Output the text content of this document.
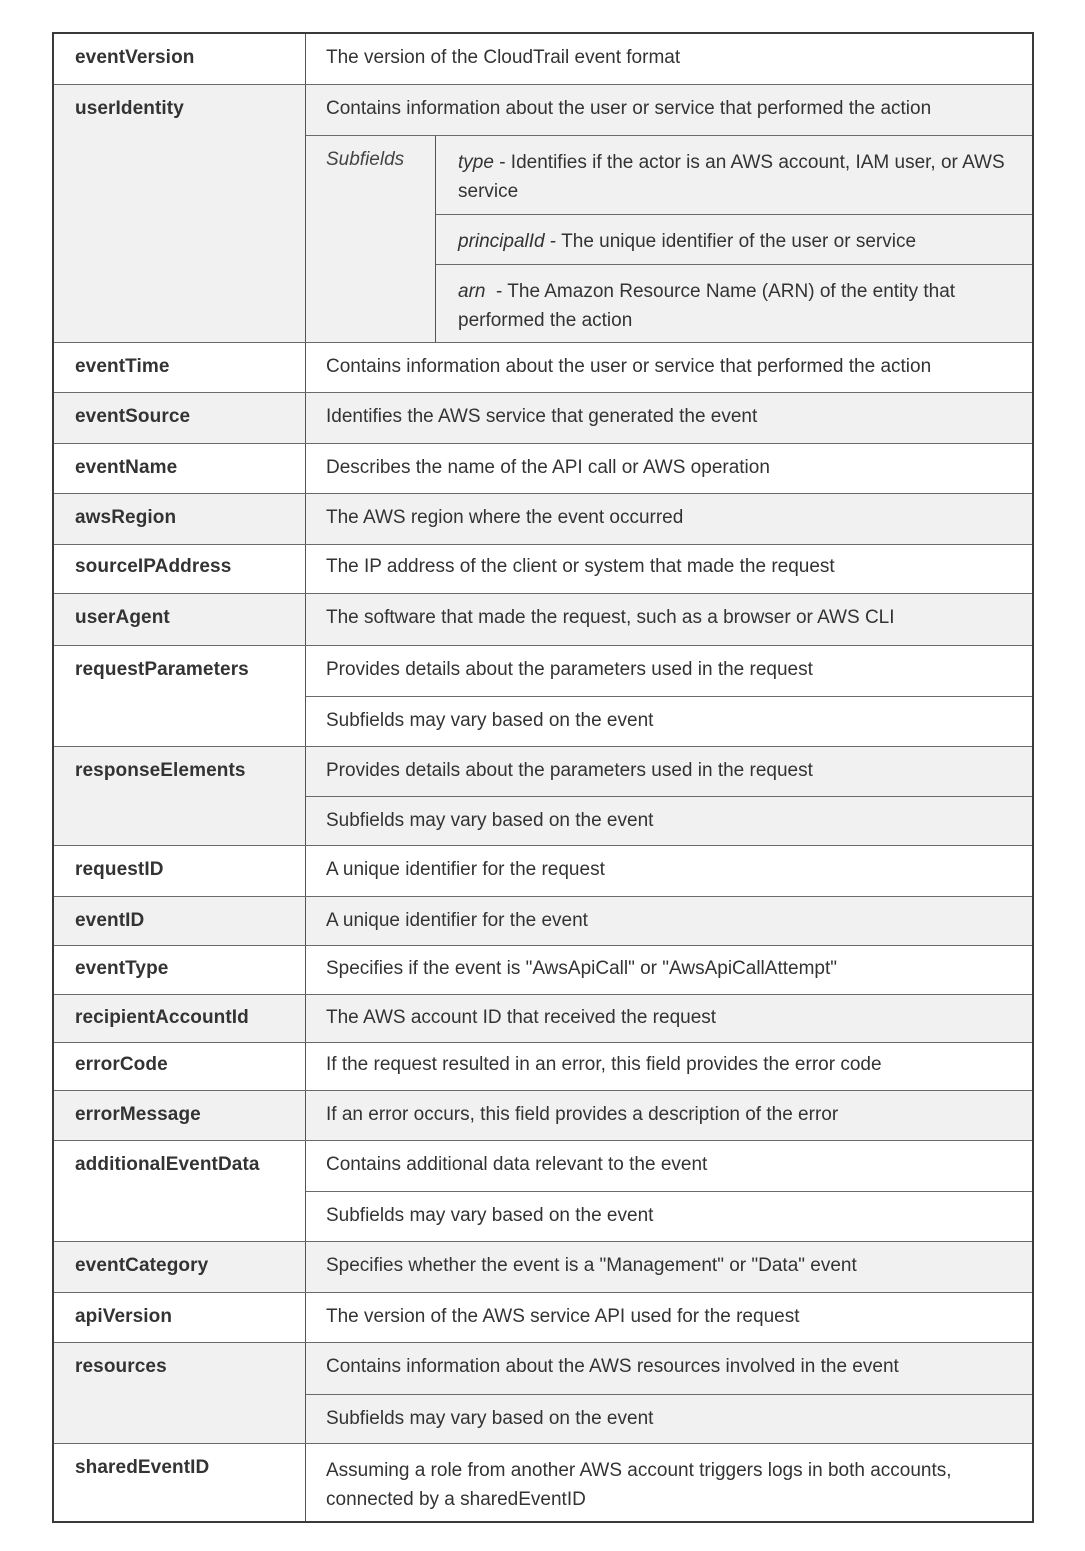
eventVersion	The version of the CloudTrail event format
userIdentity	Contains information about the user or service that performed the action
Subfields	type - Identifies if the actor is an AWS account, IAM user, or AWS service
principalId - The unique identifier of the user or service
arn  - The Amazon Resource Name (ARN) of the entity that performed the action
eventTime	Contains information about the user or service that performed the action
eventSource	Identifies the AWS service that generated the event
eventName	Describes the name of the API call or AWS operation
awsRegion	The AWS region where the event occurred
sourceIPAddress	The IP address of the client or system that made the request
userAgent	The software that made the request, such as a browser or AWS CLI
requestParameters	Provides details about the parameters used in the request
Subfields may vary based on the event
responseElements	Provides details about the parameters used in the request
Subfields may vary based on the event
requestID	A unique identifier for the request
eventID	A unique identifier for the event
eventType	Specifies if the event is "AwsApiCall" or "AwsApiCallAttempt"
recipientAccountId	The AWS account ID that received the request
errorCode	If the request resulted in an error, this field provides the error code
errorMessage	If an error occurs, this field provides a description of the error
additionalEventData	Contains additional data relevant to the event
Subfields may vary based on the event
eventCategory	Specifies whether the event is a "Management" or "Data" event
apiVersion	The version of the AWS service API used for the request
resources	Contains information about the AWS resources involved in the event
Subfields may vary based on the event
sharedEventID	Assuming a role from another AWS account triggers logs in both accounts, connected by a sharedEventID
